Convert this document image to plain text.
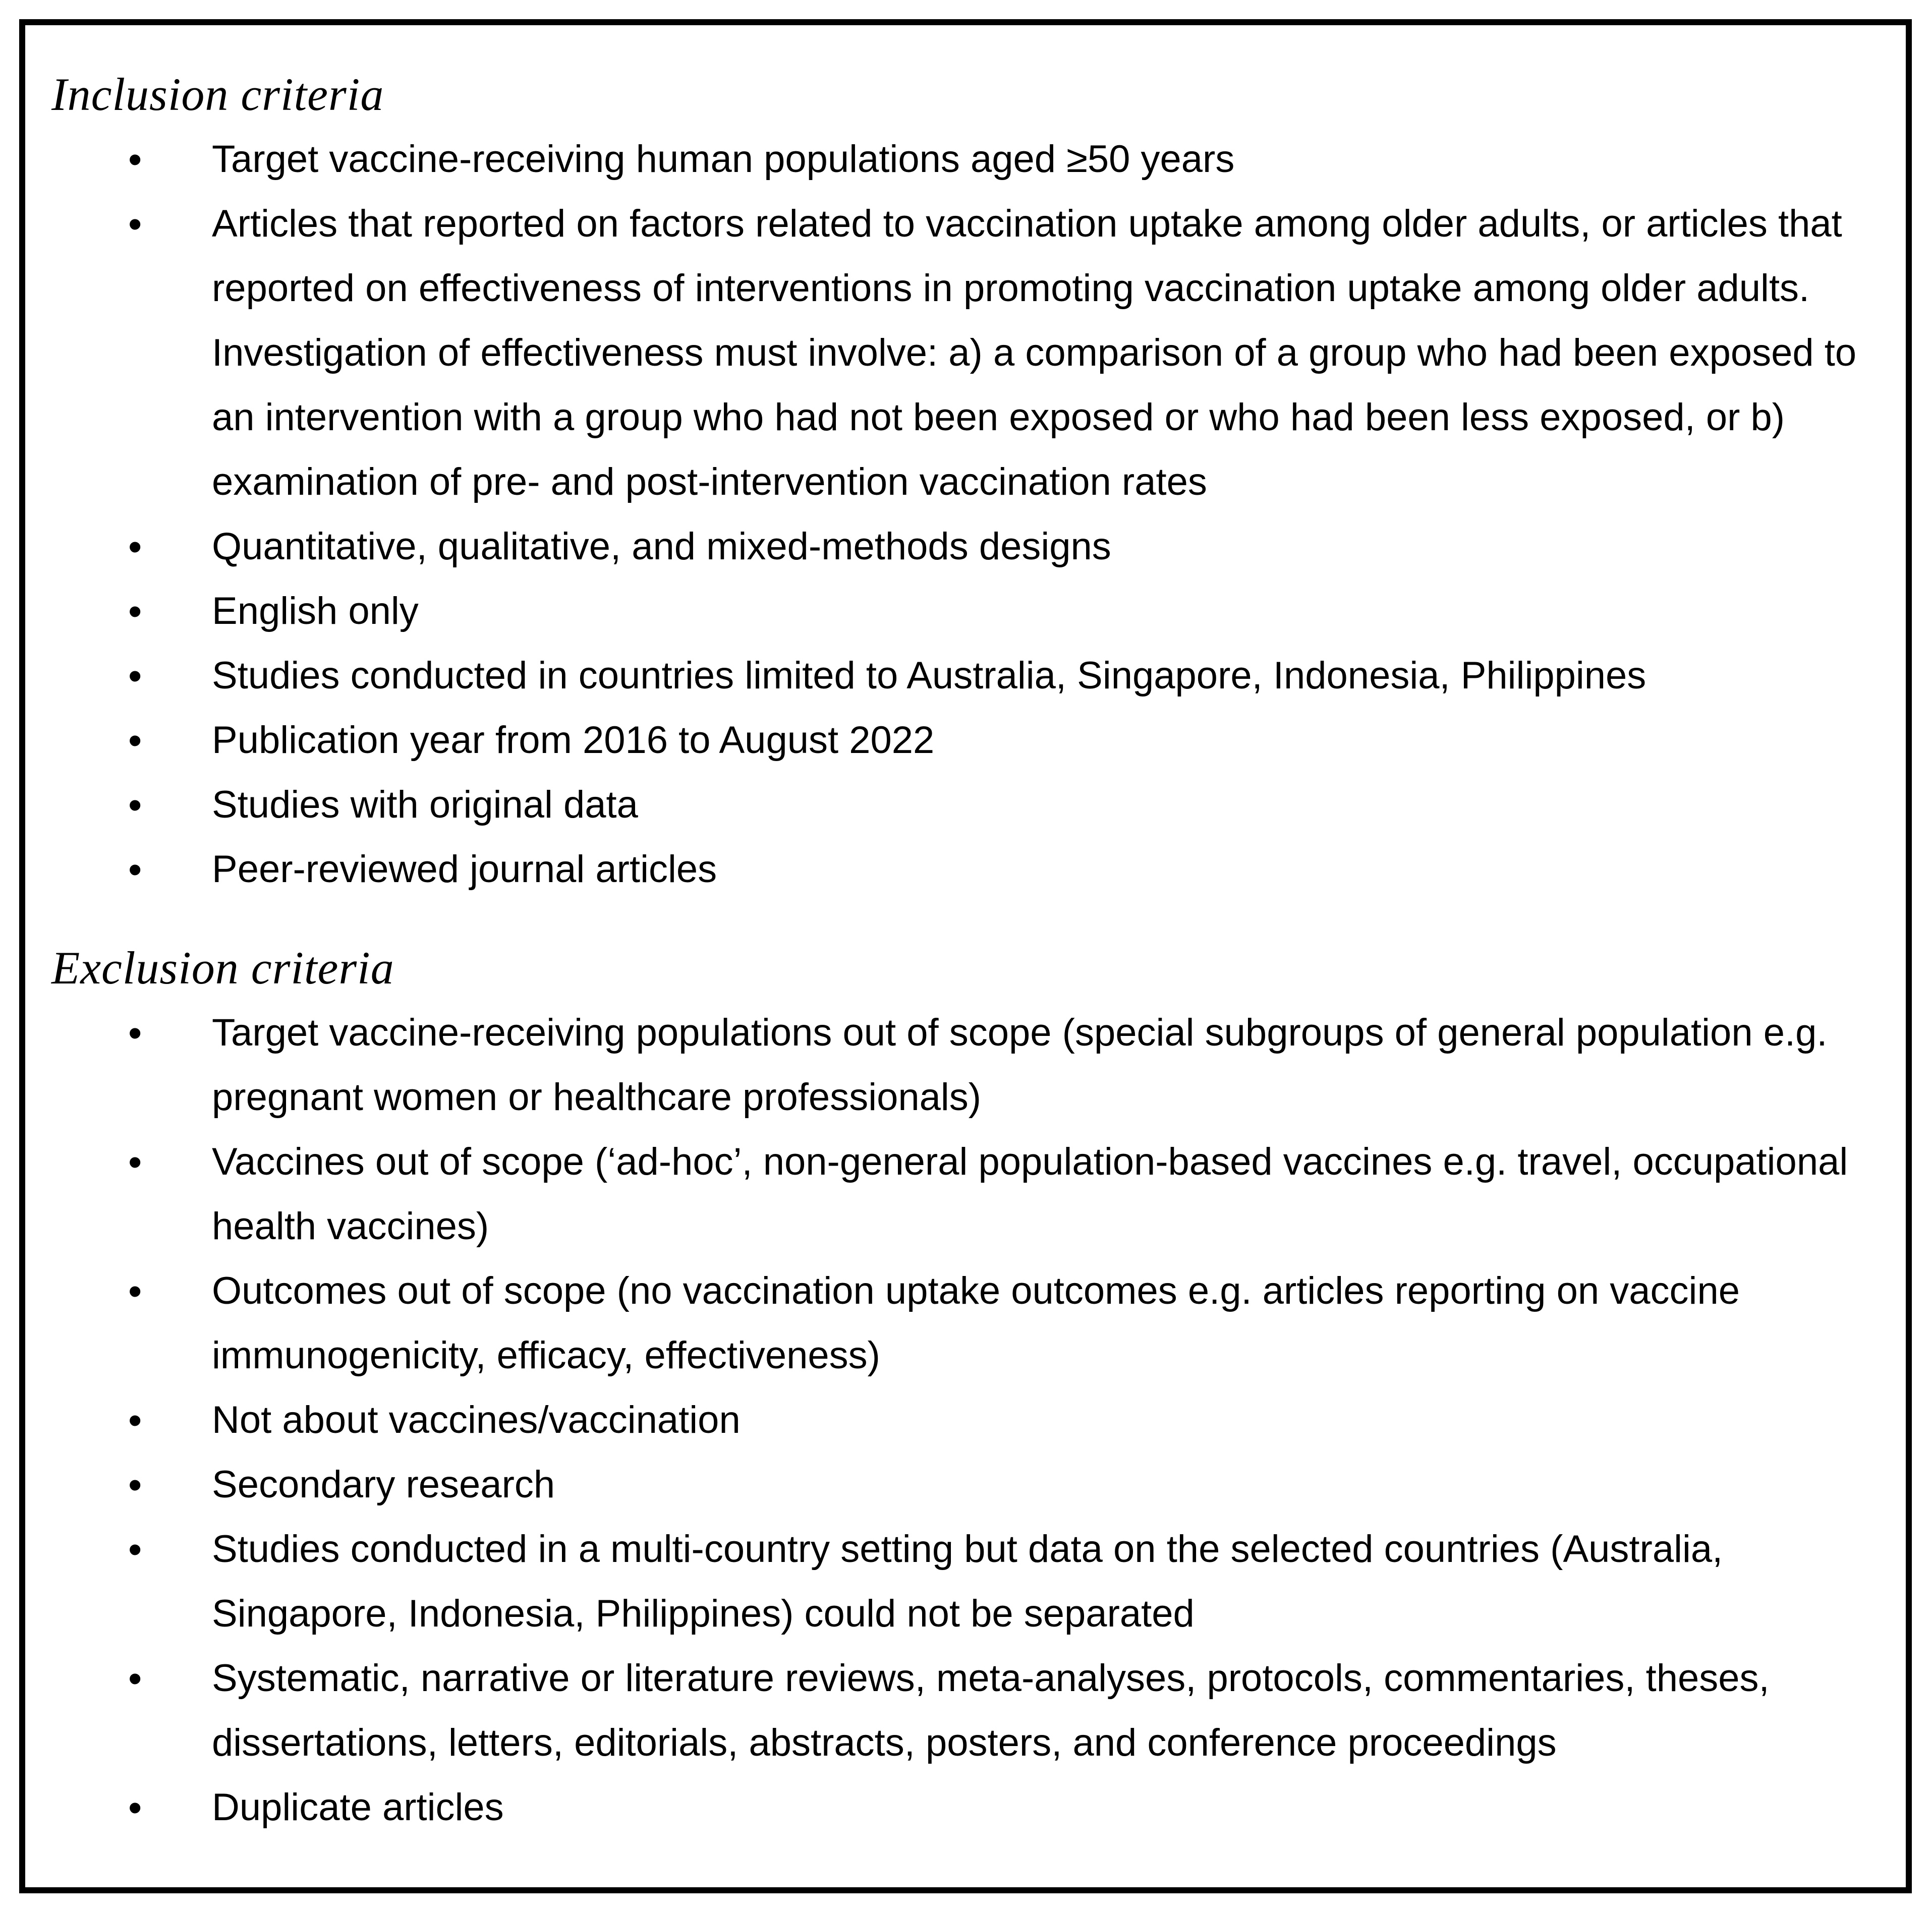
Inclusion criteria
• Target vaccine-receiving human populations aged ≥50 years
• Articles that reported on factors related to vaccination uptake among older adults, or articles that reported on effectiveness of interventions in promoting vaccination uptake among older adults. Investigation of effectiveness must involve: a) a comparison of a group who had been exposed to an intervention with a group who had not been exposed or who had been less exposed, or b) examination of pre- and post-intervention vaccination rates
• Quantitative, qualitative, and mixed-methods designs
• English only
• Studies conducted in countries limited to Australia, Singapore, Indonesia, Philippines
• Publication year from 2016 to August 2022
• Studies with original data
• Peer-reviewed journal articles
Exclusion criteria
• Target vaccine-receiving populations out of scope (special subgroups of general population e.g. pregnant women or healthcare professionals)
• Vaccines out of scope (‘ad-hoc’, non-general population-based vaccines e.g. travel, occupational health vaccines)
• Outcomes out of scope (no vaccination uptake outcomes e.g. articles reporting on vaccine immunogenicity, efficacy, effectiveness)
• Not about vaccines/vaccination
• Secondary research
• Studies conducted in a multi-country setting but data on the selected countries (Australia, Singapore, Indonesia, Philippines) could not be separated
• Systematic, narrative or literature reviews, meta-analyses, protocols, commentaries, theses, dissertations, letters, editorials, abstracts, posters, and conference proceedings
• Duplicate articles
